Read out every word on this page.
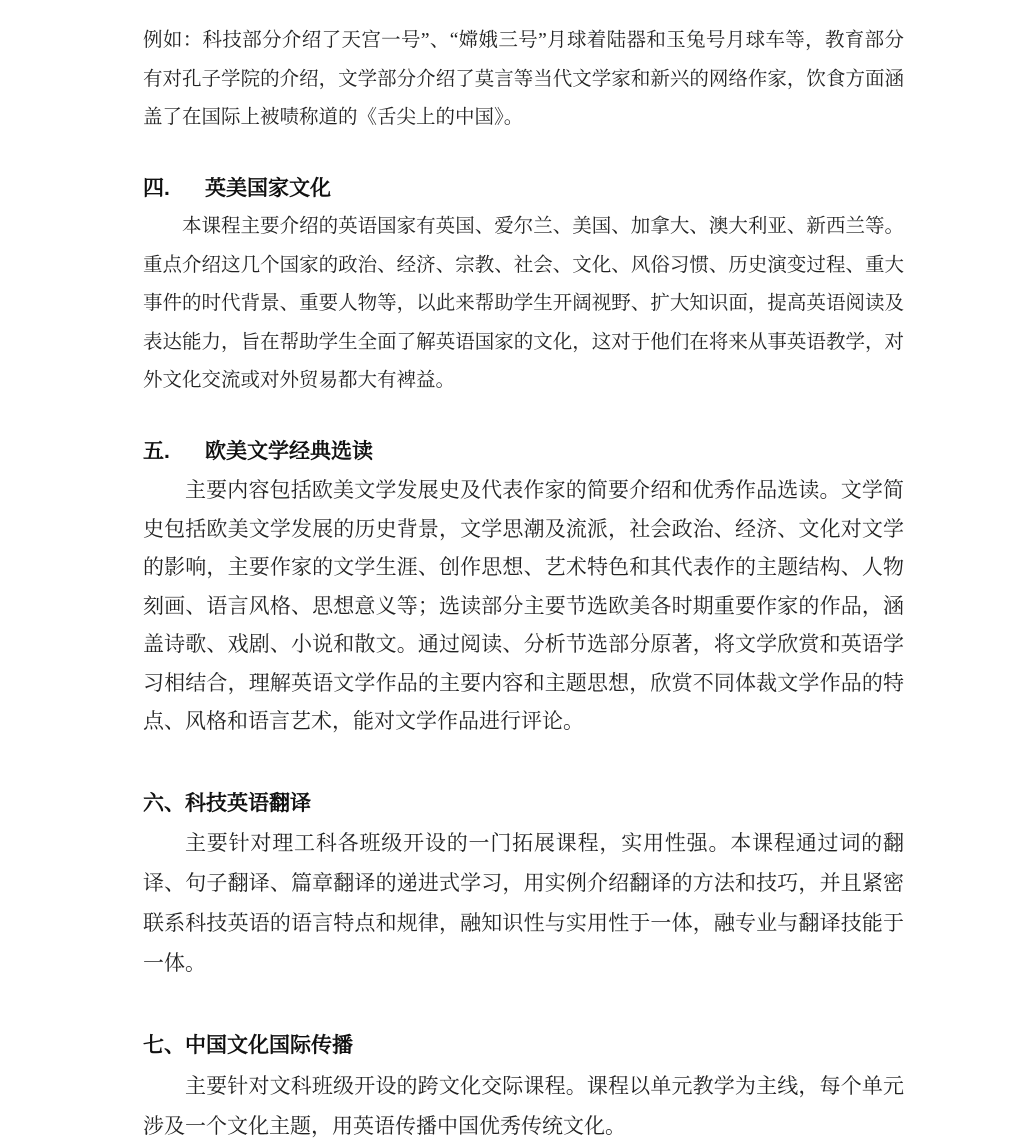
例如：科技部分介绍了天宫一号”、“嫦娥三号”月球着陆器和玉兔号月球车等，教育部分有对孔子学院的介绍，文学部分介绍了莫言等当代文学家和新兴的网络作家，饮食方面涵盖了在国际上被啧称道的《舌尖上的中国》。

四. 英美国家文化

本课程主要介绍的英语国家有英国、爱尔兰、美国、加拿大、澳大利亚、新西兰等。重点介绍这几个国家的政治、经济、宗教、社会、文化、风俗习惯、历史演变过程、重大事件的时代背景、重要人物等，以此来帮助学生开阔视野、扩大知识面，提高英语阅读及表达能力，旨在帮助学生全面了解英语国家的文化，这对于他们在将来从事英语教学，对外文化交流或对外贸易都大有裨益。

五. 欧美文学经典选读

主要内容包括欧美文学发展史及代表作家的简要介绍和优秀作品选读。文学简史包括欧美文学发展的历史背景，文学思潮及流派，社会政治、经济、文化对文学的影响，主要作家的文学生涯、创作思想、艺术特色和其代表作的主题结构、人物刻画、语言风格、思想意义等；选读部分主要节选欧美各时期重要作家的作品，涵盖诗歌、戏剧、小说和散文。通过阅读、分析节选部分原著，将文学欣赏和英语学习相结合，理解英语文学作品的主要内容和主题思想，欣赏不同体裁文学作品的特点、风格和语言艺术，能对文学作品进行评论。

六、科技英语翻译

主要针对理工科各班级开设的一门拓展课程，实用性强。本课程通过词的翻译、句子翻译、篇章翻译的递进式学习，用实例介绍翻译的方法和技巧，并且紧密联系科技英语的语言特点和规律，融知识性与实用性于一体，融专业与翻译技能于一体。

七、中国文化国际传播

主要针对文科班级开设的跨文化交际课程。课程以单元教学为主线，每个单元涉及一个文化主题，用英语传播中国优秀传统文化。
